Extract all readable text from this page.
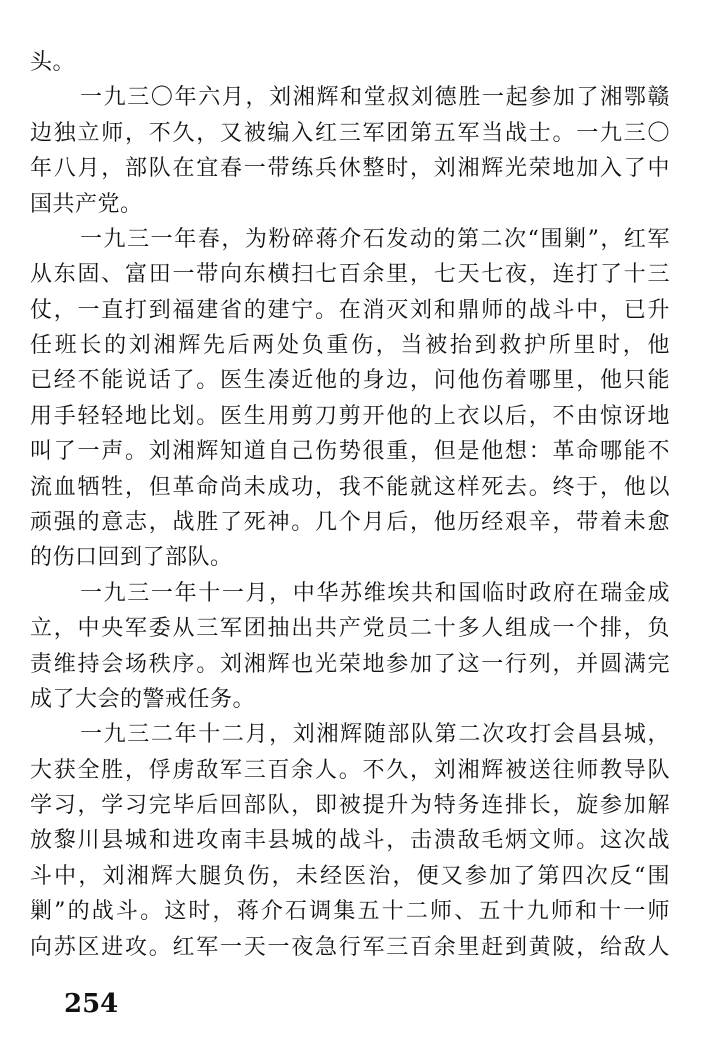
头。
一九三〇年六月，刘湘辉和堂叔刘德胜一起参加了湘鄂赣
边独立师，不久，又被编入红三军团第五军当战士。一九三〇
年八月，部队在宜春一带练兵休整时，刘湘辉光荣地加入了中
国共产党。
一九三一年春，为粉碎蒋介石发动的第二次“围剿”，红军
从东固、富田一带向东横扫七百余里，七天七夜，连打了十三
仗，一直打到福建省的建宁。在消灭刘和鼎师的战斗中，已升
任班长的刘湘辉先后两处负重伤，当被抬到救护所里时，他
已经不能说话了。医生凑近他的身边，问他伤着哪里，他只能
用手轻轻地比划。医生用剪刀剪开他的上衣以后，不由惊讶地
叫了一声。刘湘辉知道自己伤势很重，但是他想：革命哪能不
流血牺牲，但革命尚未成功，我不能就这样死去。终于，他以
顽强的意志，战胜了死神。几个月后，他历经艰辛，带着未愈
的伤口回到了部队。
一九三一年十一月，中华苏维埃共和国临时政府在瑞金成
立，中央军委从三军团抽出共产党员二十多人组成一个排，负
责维持会场秩序。刘湘辉也光荣地参加了这一行列，并圆满完
成了大会的警戒任务。
一九三二年十二月，刘湘辉随部队第二次攻打会昌县城，
大获全胜，俘虏敌军三百余人。不久，刘湘辉被送往师教导队
学习，学习完毕后回部队，即被提升为特务连排长，旋参加解
放黎川县城和进攻南丰县城的战斗，击溃敌毛炳文师。这次战
斗中，刘湘辉大腿负伤，未经医治，便又参加了第四次反“围
剿”的战斗。这时，蒋介石调集五十二师、五十九师和十一师
向苏区进攻。红军一天一夜急行军三百余里赶到黄陂，给敌人
254
